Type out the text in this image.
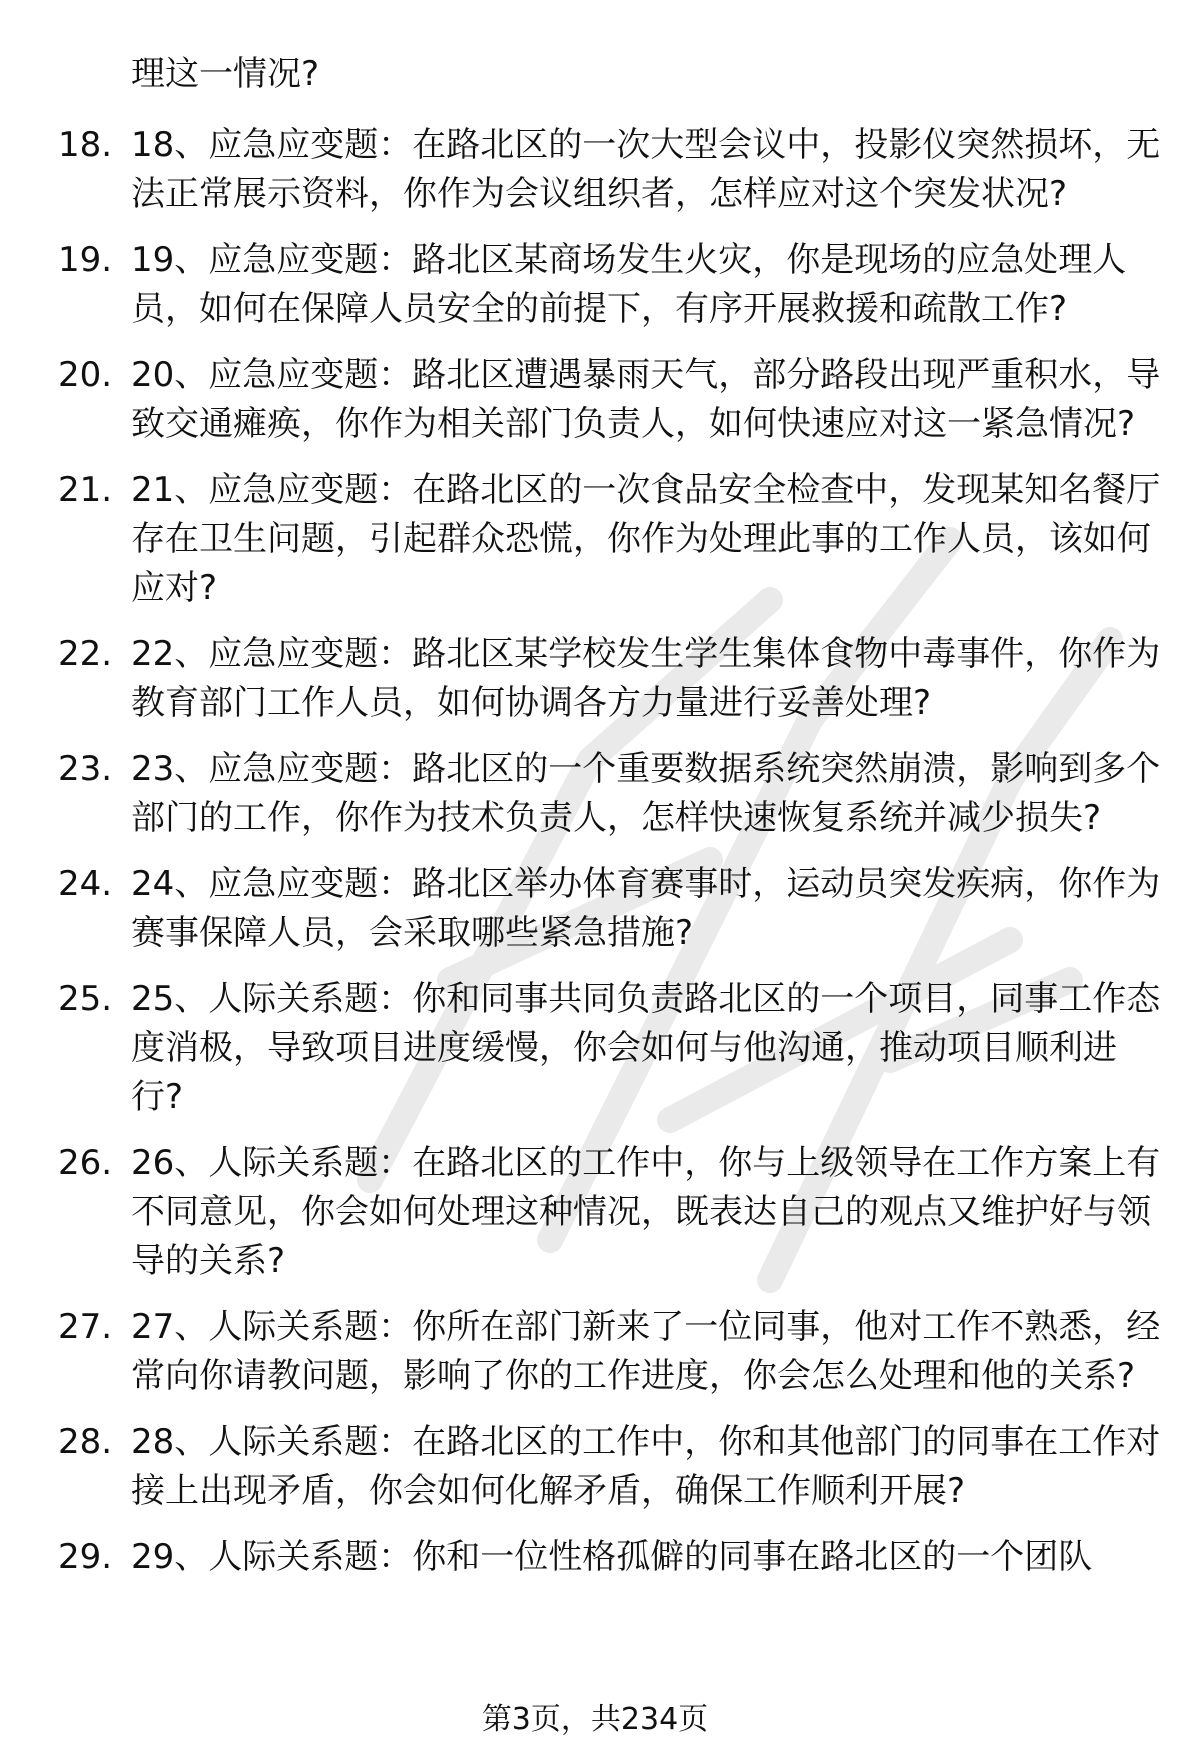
理这一情况?

18. 18、应急应变题：在路北区的一次大型会议中，投影仪突然损坏，无法正常展示资料，你作为会议组织者，怎样应对这个突发状况?
19. 19、应急应变题：路北区某商场发生火灾，你是现场的应急处理人员，如何在保障人员安全的前提下，有序开展救援和疏散工作?
20. 20、应急应变题：路北区遭遇暴雨天气，部分路段出现严重积水，导致交通瘫痪，你作为相关部门负责人，如何快速应对这一紧急情况?
21. 21、应急应变题：在路北区的一次食品安全检查中，发现某知名餐厅存在卫生问题，引起群众恐慌，你作为处理此事的工作人员，该如何应对?
22. 22、应急应变题：路北区某学校发生学生集体食物中毒事件，你作为教育部门工作人员，如何协调各方力量进行妥善处理?
23. 23、应急应变题：路北区的一个重要数据系统突然崩溃，影响到多个部门的工作，你作为技术负责人，怎样快速恢复系统并减少损失?
24. 24、应急应变题：路北区举办体育赛事时，运动员突发疾病，你作为赛事保障人员，会采取哪些紧急措施?
25. 25、人际关系题：你和同事共同负责路北区的一个项目，同事工作态度消极，导致项目进度缓慢，你会如何与他沟通，推动项目顺利进行?
26. 26、人际关系题：在路北区的工作中，你与上级领导在工作方案上有不同意见，你会如何处理这种情况，既表达自己的观点又维护好与领导的关系?
27. 27、人际关系题：你所在部门新来了一位同事，他对工作不熟悉，经常向你请教问题，影响了你的工作进度，你会怎么处理和他的关系?
28. 28、人际关系题：在路北区的工作中，你和其他部门的同事在工作对接上出现矛盾，你会如何化解矛盾，确保工作顺利开展?
29. 29、人际关系题：你和一位性格孤僻的同事在路北区的一个团队
第3页，共234页
